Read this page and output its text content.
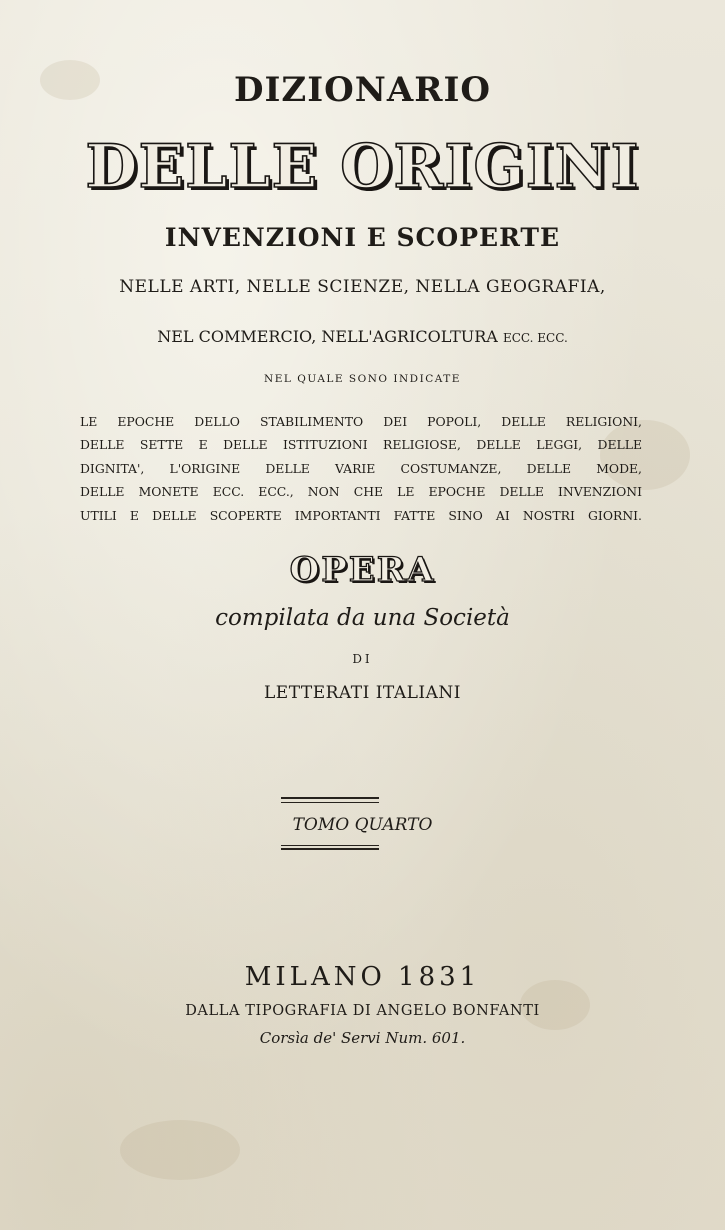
DIZIONARIO
DELLE ORIGINI
INVENZIONI E SCOPERTE
NELLE ARTI, NELLE SCIENZE, NELLA GEOGRAFIA,
NEL COMMERCIO, NELL'AGRICOLTURA ECC. ECC.
NEL QUALE SONO INDICATE
LE EPOCHE DELLO STABILIMENTO DEI POPOLI, DELLE RELIGIONI,
DELLE SETTE E DELLE ISTITUZIONI RELIGIOSE, DELLE LEGGI, DELLE
DIGNITA', L'ORIGINE DELLE VARIE COSTUMANZE, DELLE MODE,
DELLE MONETE ECC. ECC., NON CHE LE EPOCHE DELLE INVENZIONI
UTILI E DELLE SCOPERTE IMPORTANTI FATTE SINO AI NOSTRI GIORNI.
OPERA
compilata da una Società
DI
LETTERATI ITALIANI
TOMO QUARTO
MILANO 1831
DALLA TIPOGRAFIA DI ANGELO BONFANTI
Corsìa de' Servi Num. 601.
